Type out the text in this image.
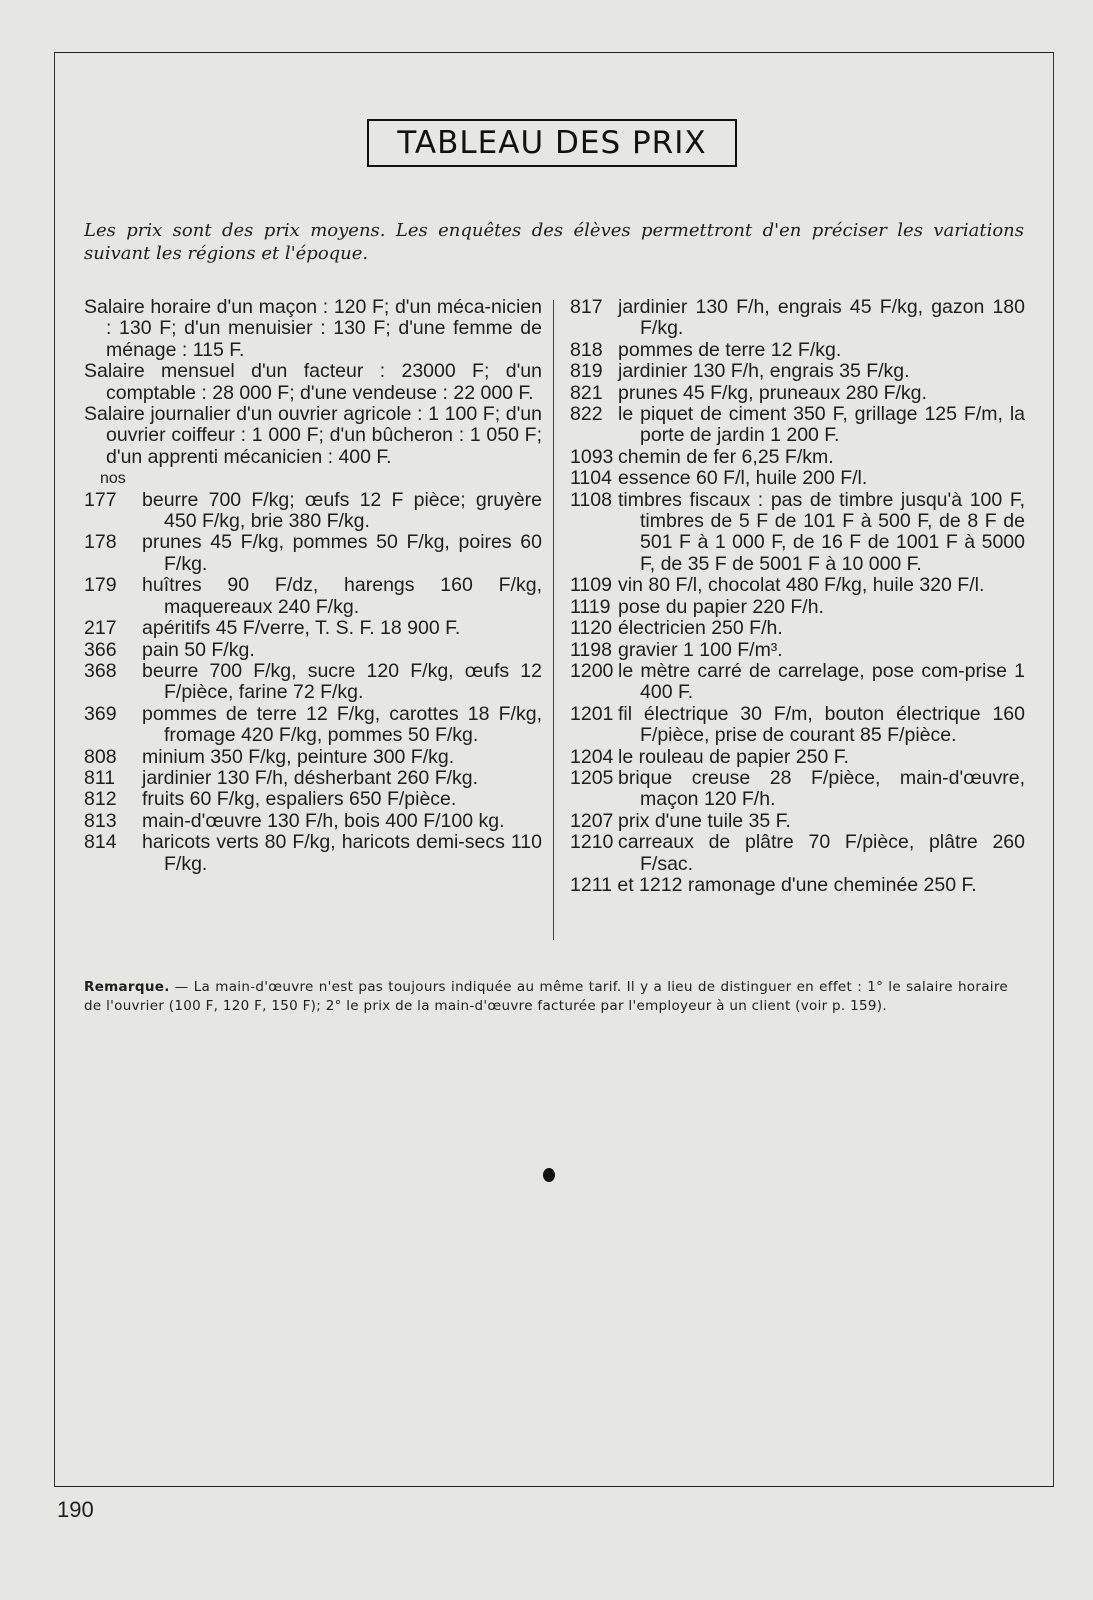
TABLEAU DES PRIX
Les prix sont des prix moyens. Les enquêtes des élèves permettront d'en préciser les variations suivant les régions et l'époque.
Salaire horaire d'un maçon : 120 F; d'un méca-nicien : 130 F; d'un menuisier : 130 F; d'une femme de ménage : 115 F.
Salaire mensuel d'un facteur : 23000 F; d'un comptable : 28 000 F; d'une vendeuse : 22 000 F.
Salaire journalier d'un ouvrier agricole : 1 100 F; d'un ouvrier coiffeur : 1 000 F; d'un bûcheron : 1 050 F; d'un apprenti mécanicien : 400 F.
nos
177	beurre 700 F/kg; œufs 12 F pièce; gruyère 450 F/kg, brie 380 F/kg.
178	prunes 45 F/kg, pommes 50 F/kg, poires 60 F/kg.
179	huîtres 90 F/dz, harengs 160 F/kg, maquereaux 240 F/kg.
217	apéritifs 45 F/verre, T. S. F. 18 900 F.
366	pain 50 F/kg.
368	beurre 700 F/kg, sucre 120 F/kg, œufs 12 F/pièce, farine 72 F/kg.
369	pommes de terre 12 F/kg, carottes 18 F/kg, fromage 420 F/kg, pommes 50 F/kg.
808	minium 350 F/kg, peinture 300 F/kg.
811	jardinier 130 F/h, désherbant 260 F/kg.
812	fruits 60 F/kg, espaliers 650 F/pièce.
813	main-d'œuvre 130 F/h, bois 400 F/100 kg.
814	haricots verts 80 F/kg, haricots demi-secs 110 F/kg.
817 jardinier 130 F/h, engrais 45 F/kg, gazon 180 F/kg.
818 pommes de terre 12 F/kg.
819 jardinier 130 F/h, engrais 35 F/kg.
821 prunes 45 F/kg, pruneaux 280 F/kg.
822 le piquet de ciment 350 F, grillage 125 F/m, la porte de jardin 1 200 F.
1093 chemin de fer 6,25 F/km.
1104 essence 60 F/l, huile 200 F/l.
1108 timbres fiscaux : pas de timbre jusqu'à 100 F, timbres de 5 F de 101 F à 500 F, de 8 F de 501 F à 1 000 F, de 16 F de 1001 F à 5000 F, de 35 F de 5001 F à 10 000 F.
1109 vin 80 F/l, chocolat 480 F/kg, huile 320 F/l.
1119 pose du papier 220 F/h.
1120 électricien 250 F/h.
1198 gravier 1 100 F/m³.
1200 le mètre carré de carrelage, pose com-prise 1 400 F.
1201 fil électrique 30 F/m, bouton électrique 160 F/pièce, prise de courant 85 F/pièce.
1204 le rouleau de papier 250 F.
1205 brique creuse 28 F/pièce, main-d'œuvre, maçon 120 F/h.
1207 prix d'une tuile 35 F.
1210 carreaux de plâtre 70 F/pièce, plâtre 260 F/sac.
1211 et 1212 ramonage d'une cheminée 250 F.
Remarque. — La main-d'œuvre n'est pas toujours indiquée au même tarif. Il y a lieu de distinguer en effet : 1° le salaire horaire de l'ouvrier (100 F, 120 F, 150 F); 2° le prix de la main-d'œuvre facturée par l'employeur à un client (voir p. 159).
190
